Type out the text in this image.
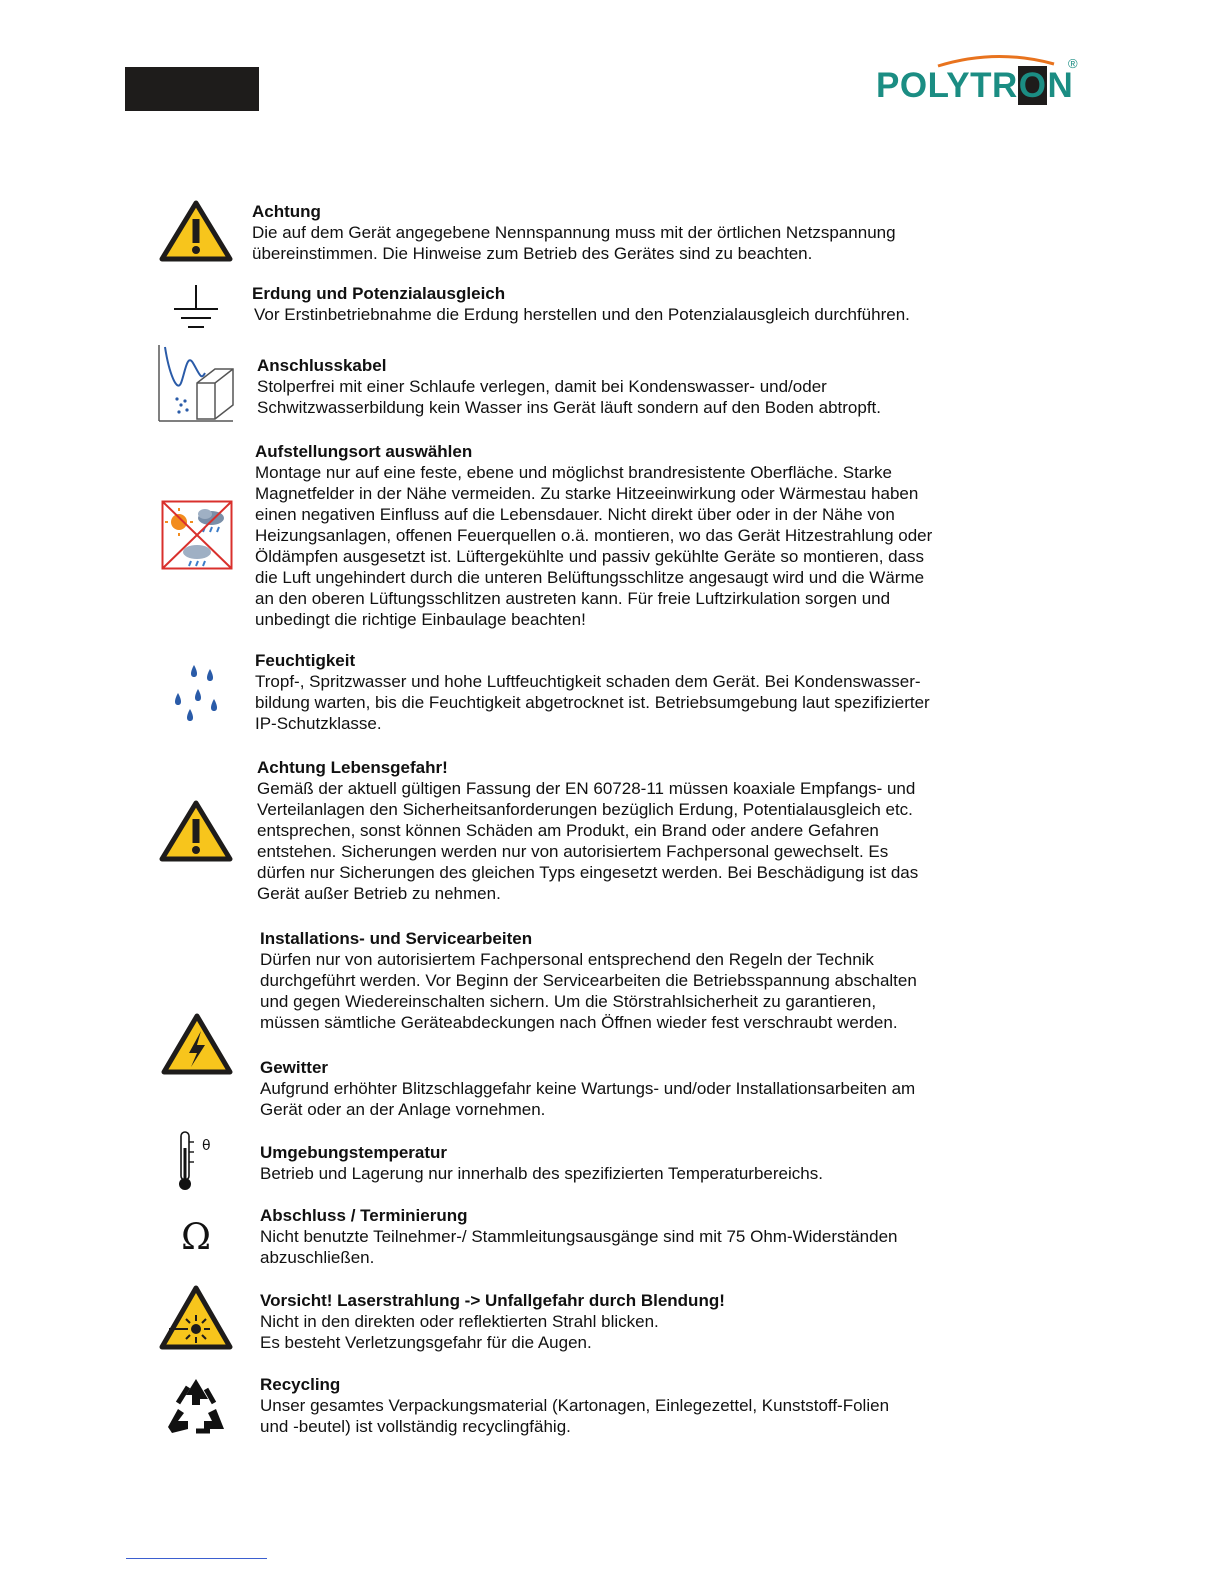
POLYTRON
®
θ
Ω
Achtung
Die auf dem Gerät angegebene Nennspannung muss mit der örtlichen Netzspannung
übereinstimmen. Die Hinweise zum Betrieb des Gerätes sind zu beachten.
Erdung und Potenzialausgleich
Vor Erstinbetriebnahme die Erdung herstellen und den Potenzialausgleich durchführen.
Anschlusskabel
Stolperfrei mit einer Schlaufe verlegen, damit bei Kondenswasser- und/oder
Schwitzwasserbildung kein Wasser ins Gerät läuft sondern auf den Boden abtropft.
Aufstellungsort auswählen
Montage nur auf eine feste, ebene und möglichst brandresistente Oberfläche. Starke
Magnetfelder in der Nähe vermeiden. Zu starke Hitzeeinwirkung oder Wärmestau haben
einen negativen Einfluss auf die Lebensdauer. Nicht direkt über oder in der Nähe von
Heizungsanlagen, offenen Feuerquellen o.ä. montieren, wo das Gerät Hitzestrahlung oder
Öldämpfen ausgesetzt ist. Lüftergekühlte und passiv gekühlte Geräte so montieren, dass
die Luft ungehindert durch die unteren Belüftungsschlitze angesaugt wird und die Wärme
an den oberen Lüftungsschlitzen austreten kann. Für freie Luftzirkulation sorgen und
unbedingt die richtige Einbaulage beachten!
Feuchtigkeit
Tropf-, Spritzwasser und hohe Luftfeuchtigkeit schaden dem Gerät. Bei Kondenswasser-
bildung warten, bis die Feuchtigkeit abgetrocknet ist. Betriebsumgebung laut spezifizierter
IP-Schutzklasse.
Achtung Lebensgefahr!
Gemäß der aktuell gültigen Fassung der EN 60728-11 müssen koaxiale Empfangs- und
Verteilanlagen den Sicherheitsanforderungen bezüglich Erdung, Potentialausgleich etc.
entsprechen, sonst können Schäden am Produkt, ein Brand oder andere Gefahren
entstehen. Sicherungen werden nur von autorisiertem Fachpersonal gewechselt. Es
dürfen nur Sicherungen des gleichen Typs eingesetzt werden. Bei Beschädigung ist das
Gerät außer Betrieb zu nehmen.
Installations- und Servicearbeiten
Dürfen nur von autorisiertem Fachpersonal entsprechend den Regeln der Technik
durchgeführt werden. Vor Beginn der Servicearbeiten die Betriebsspannung abschalten
und gegen Wiedereinschalten sichern. Um die Störstrahlsicherheit zu garantieren,
müssen sämtliche Geräteabdeckungen nach Öffnen wieder fest verschraubt werden.
Gewitter
Aufgrund erhöhter Blitzschlaggefahr keine Wartungs- und/oder Installationsarbeiten am
Gerät oder an der Anlage vornehmen.
Umgebungstemperatur
Betrieb und Lagerung nur innerhalb des spezifizierten Temperaturbereichs.
Abschluss / Terminierung
Nicht benutzte Teilnehmer-/ Stammleitungsausgänge sind mit 75 Ohm-Widerständen
abzuschließen.
Vorsicht! Laserstrahlung -> Unfallgefahr durch Blendung!
Nicht in den direkten oder reflektierten Strahl blicken.
Es besteht Verletzungsgefahr für die Augen.
Recycling
Unser gesamtes Verpackungsmaterial (Kartonagen, Einlegezettel, Kunststoff-Folien
und -beutel) ist vollständig recyclingfähig.
